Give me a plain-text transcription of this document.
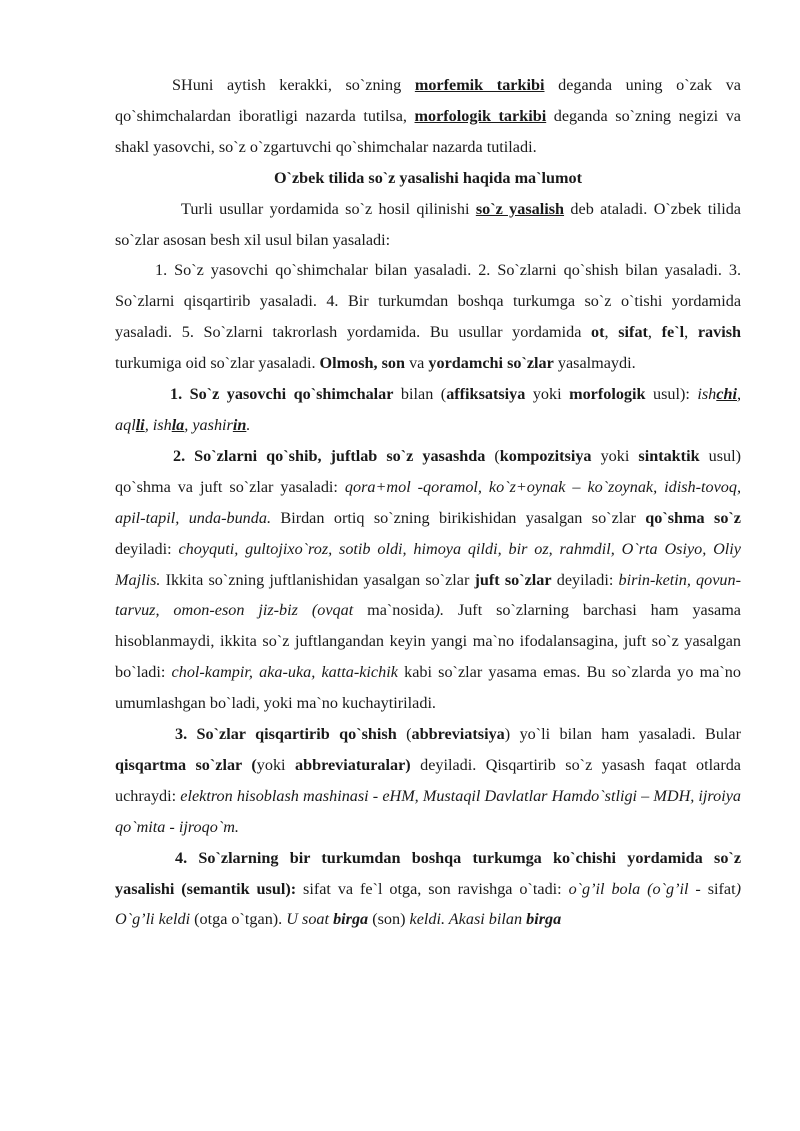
SHuni aytish kerakki, so`zning morfemik tarkibi deganda uning o`zak va qo`shimchalardan iboratligi nazarda tutilsa, morfologik tarkibi deganda so`zning negizi va shakl yasovchi, so`z o`zgartuvchi qo`shimchalar nazarda tutiladi.

O`zbek tilida so`z yasalishi haqida ma`lumot

Turli usullar yordamida so`z hosil qilinishi so`z yasalish deb ataladi. O`zbek tilida so`zlar asosan besh xil usul bilan yasaladi:

1. So`z yasovchi qo`shimchalar bilan yasaladi. 2. So`zlarni qo`shish bilan yasaladi. 3. So`zlarni qisqartirib yasaladi. 4. Bir turkumdan boshqa turkumga so`z o`tishi yordamida yasaladi. 5. So`zlarni takrorlash yordamida. Bu usullar yordamida ot, sifat, fe`l, ravish turkumiga oid so`zlar yasaladi. Olmosh, son va yordamchi so`zlar yasalmaydi.

1. So`z yasovchi qo`shimchalar bilan (affiksatsiya yoki morfologik usul): ishchi, aqlli, ishla, yashirin.

2. So`zlarni qo`shib, juftlab so`z yasashda (kompozitsiya yoki sintaktik usul) qo`shma va juft so`zlar yasaladi: qora+mol -qoramol, ko`z+oynak – ko`zoynak, idish-tovoq, apil-tapil, unda-bunda. Birdan ortiq so`zning birikishidan yasalgan so`zlar qo`shma so`z deyiladi: choyquti, gultojixo`roz, sotib oldi, himoya qildi, bir oz, rahmdil, O`rta Osiyo, Oliy Majlis. Ikkita so`zning juftlanishidan yasalgan so`zlar juft so`zlar deyiladi: birin-ketin, qovun-tarvuz, omon-eson jiz-biz (ovqat ma`nosida). Juft so`zlarning barchasi ham yasama hisoblanmaydi, ikkita so`z juftlangandan keyin yangi ma`no ifodalansagina, juft so`z yasalgan bo`ladi: chol-kampir, aka-uka, katta-kichik kabi so`zlar yasama emas. Bu so`zlarda yo ma`no umumlashgan bo`ladi, yoki ma`no kuchaytiriladi.

3. So`zlar qisqartirib qo`shish (abbreviatsiya) yo`li bilan ham yasaladi. Bular qisqartma so`zlar (yoki abbreviaturalar) deyiladi. Qisqartirib so`z yasash faqat otlarda uchraydi: elektron hisoblash mashinasi - eHM, Mustaqil Davlatlar Hamdo`stligi – MDH, ijroiya qo`mita - ijroqo`m.

4. So`zlarning bir turkumdan boshqa turkumga ko`chishi yordamida so`z yasalishi (semantik usul): sifat va fe`l otga, son ravishga o`tadi: o`g’il bola (o`g’il - sifat) O`g’li keldi (otga o`tgan). U soat birga (son) keldi. Akasi bilan birga
